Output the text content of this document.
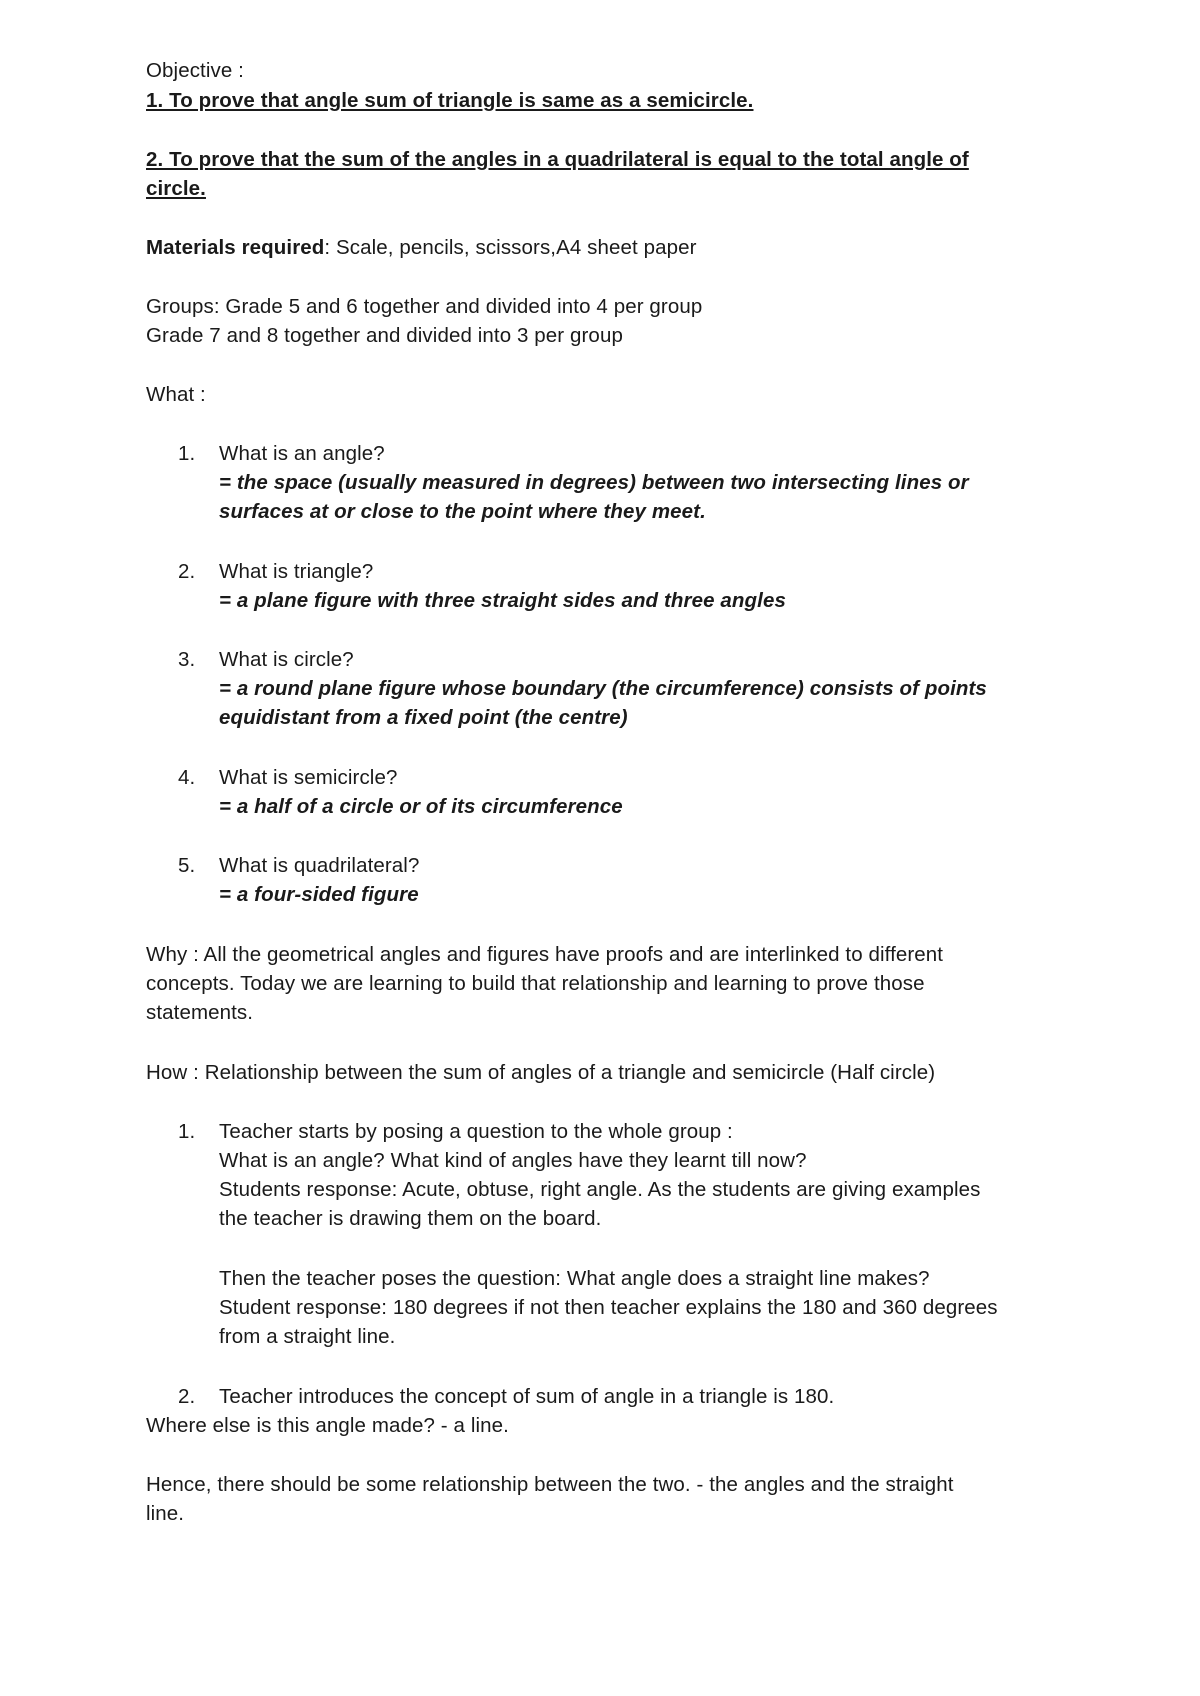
Objective :
1. To prove that angle sum of triangle is same as a semicircle.
2. To prove that the sum of the angles in a quadrilateral is equal to the total angle of
circle.
Materials required: Scale, pencils, scissors,A4 sheet paper
Groups: Grade 5 and 6 together and divided into 4 per group
Grade 7 and 8 together and divided into 3 per group
What :
1.	What is an angle?
= the space (usually measured in degrees) between two intersecting lines or
surfaces at or close to the point where they meet.
2.	What is triangle?
= a plane figure with three straight sides and three angles
3.	What is circle?
= a round plane figure whose boundary (the circumference) consists of points
equidistant from a fixed point (the centre)
4.	What is semicircle?
= a half of a circle or of its circumference
5.	What is quadrilateral?
= a four-sided figure
Why : All the geometrical angles and figures have proofs and are interlinked to different
concepts. Today we are learning to build that relationship and learning to prove those
statements.
How : Relationship between the sum of angles of a triangle and semicircle (Half circle)
1.	Teacher starts by posing a question to the whole group :
What is an angle? What kind of angles have they learnt till now?
Students response: Acute, obtuse, right angle. As the students are giving examples
the teacher is drawing them on the board.
Then the teacher poses the question: What angle does a straight line makes?
Student response: 180 degrees if not then teacher explains the 180 and 360 degrees
from a straight line.
2.	Teacher introduces the concept of sum of angle in a triangle is 180.
Where else is this angle made? - a line.
Hence, there should be some relationship between the two. - the angles and the straight
line.
